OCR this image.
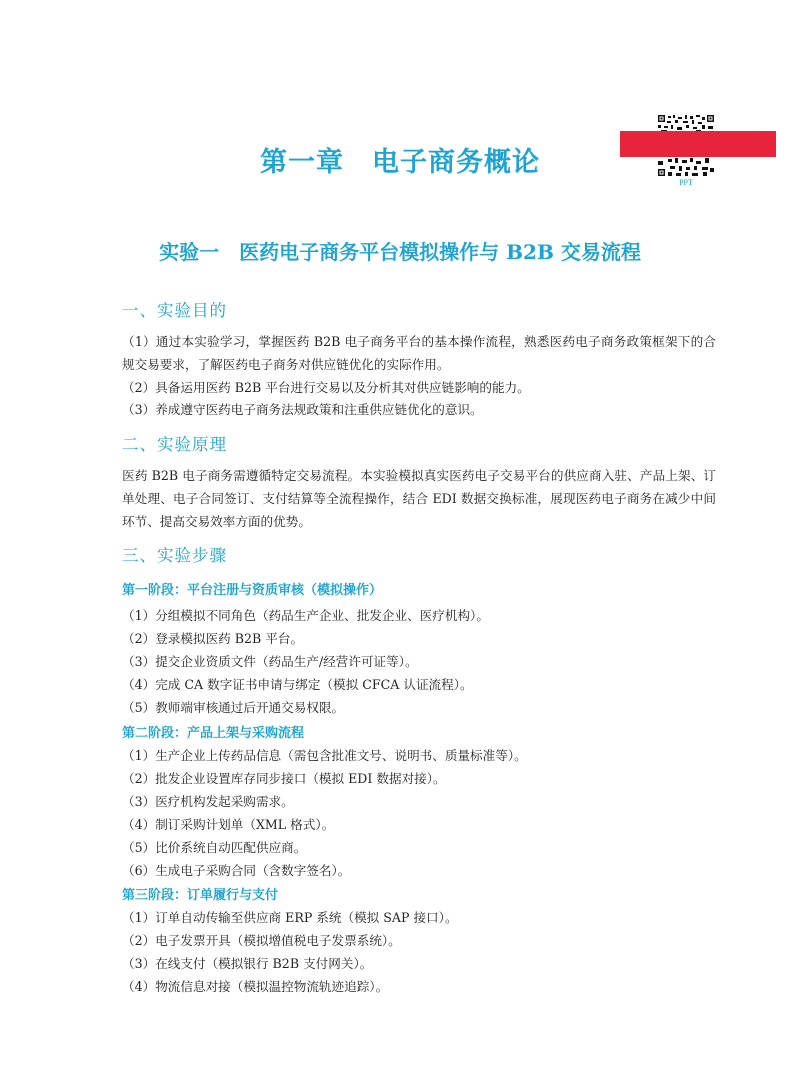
第一章　电子商务概论
PPT
实验一　医药电子商务平台模拟操作与 B2B 交易流程
一、实验目的
（1）通过本实验学习，掌握医药 B2B 电子商务平台的基本操作流程，熟悉医药电子商务政策框架下的合规交易要求，了解医药电子商务对供应链优化的实际作用。
（2）具备运用医药 B2B 平台进行交易以及分析其对供应链影响的能力。
（3）养成遵守医药电子商务法规政策和注重供应链优化的意识。
二、实验原理
医药 B2B 电子商务需遵循特定交易流程。本实验模拟真实医药电子交易平台的供应商入驻、产品上架、订单处理、电子合同签订、支付结算等全流程操作，结合 EDI 数据交换标准，展现医药电子商务在减少中间环节、提高交易效率方面的优势。
三、实验步骤
第一阶段：平台注册与资质审核（模拟操作）
（1）分组模拟不同角色（药品生产企业、批发企业、医疗机构）。
（2）登录模拟医药 B2B 平台。
（3）提交企业资质文件（药品生产/经营许可证等）。
（4）完成 CA 数字证书申请与绑定（模拟 CFCA 认证流程）。
（5）教师端审核通过后开通交易权限。
第二阶段：产品上架与采购流程
（1）生产企业上传药品信息（需包含批准文号、说明书、质量标准等）。
（2）批发企业设置库存同步接口（模拟 EDI 数据对接）。
（3）医疗机构发起采购需求。
（4）制订采购计划单（XML 格式）。
（5）比价系统自动匹配供应商。
（6）生成电子采购合同（含数字签名）。
第三阶段：订单履行与支付
（1）订单自动传输至供应商 ERP 系统（模拟 SAP 接口）。
（2）电子发票开具（模拟增值税电子发票系统）。
（3）在线支付（模拟银行 B2B 支付网关）。
（4）物流信息对接（模拟温控物流轨迹追踪）。
